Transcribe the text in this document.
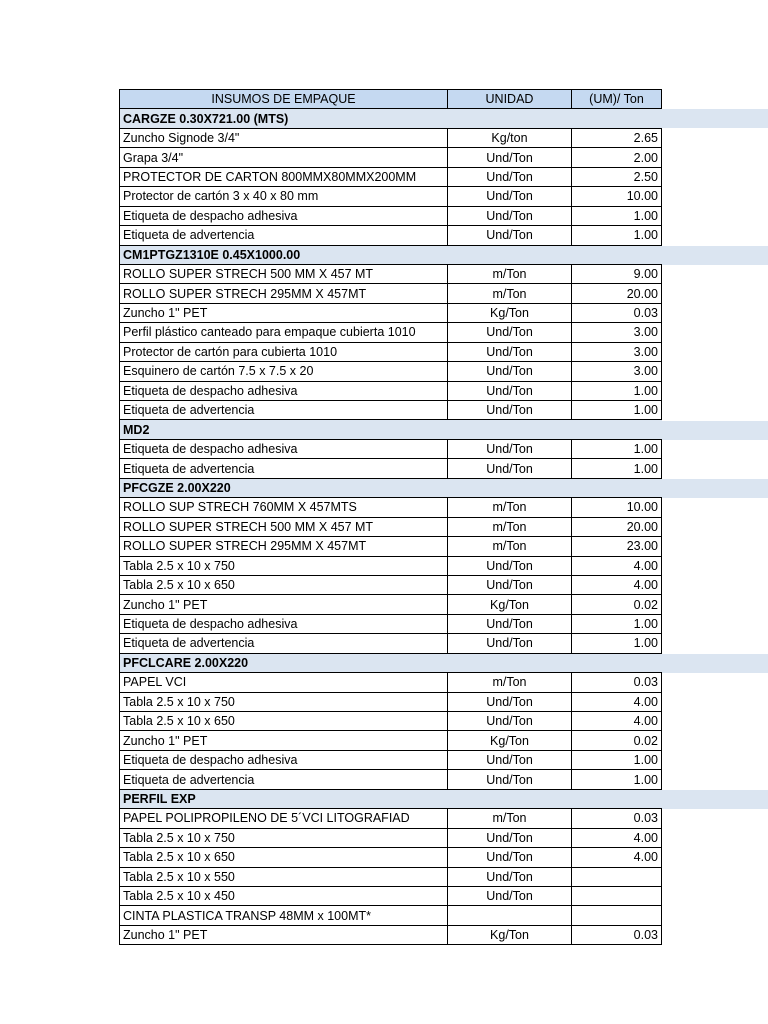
INSUMOS DE EMPAQUE	UNIDAD	(UM)/ Ton
CARGZE 0.30X721.00 (MTS)		
Zuncho Signode 3/4"	Kg/ton	2.65
Grapa 3/4"	Und/Ton	2.00
PROTECTOR DE CARTON 800MMX80MMX200MM	Und/Ton	2.50
Protector de cartón 3 x 40 x 80 mm	Und/Ton	10.00
Etiqueta de despacho adhesiva	Und/Ton	1.00
Etiqueta de advertencia	Und/Ton	1.00
CM1PTGZ1310E 0.45X1000.00		
ROLLO SUPER STRECH 500 MM X 457 MT	m/Ton	9.00
ROLLO SUPER STRECH 295MM X 457MT	m/Ton	20.00
Zuncho 1" PET	Kg/Ton	0.03
Perfil plástico canteado para empaque cubierta 1010	Und/Ton	3.00
Protector de cartón para cubierta 1010	Und/Ton	3.00
Esquinero de cartón 7.5 x 7.5 x 20	Und/Ton	3.00
Etiqueta de despacho adhesiva	Und/Ton	1.00
Etiqueta de advertencia	Und/Ton	1.00
MD2		
Etiqueta de despacho adhesiva	Und/Ton	1.00
Etiqueta de advertencia	Und/Ton	1.00
PFCGZE 2.00X220		
ROLLO SUP STRECH 760MM X 457MTS	m/Ton	10.00
ROLLO SUPER STRECH 500 MM X 457 MT	m/Ton	20.00
ROLLO SUPER STRECH 295MM X 457MT	m/Ton	23.00
Tabla 2.5 x 10 x 750	Und/Ton	4.00
Tabla 2.5 x 10 x 650	Und/Ton	4.00
Zuncho 1" PET	Kg/Ton	0.02
Etiqueta de despacho adhesiva	Und/Ton	1.00
Etiqueta de advertencia	Und/Ton	1.00
PFCLCARE 2.00X220		
PAPEL VCI	m/Ton	0.03
Tabla 2.5 x 10 x 750	Und/Ton	4.00
Tabla 2.5 x 10 x 650	Und/Ton	4.00
Zuncho 1" PET	Kg/Ton	0.02
Etiqueta de despacho adhesiva	Und/Ton	1.00
Etiqueta de advertencia	Und/Ton	1.00
PERFIL EXP		
PAPEL POLIPROPILENO DE 5´VCI LITOGRAFIAD	m/Ton	0.03
Tabla 2.5 x 10 x 750	Und/Ton	4.00
Tabla 2.5 x 10 x 650	Und/Ton	4.00
Tabla 2.5 x 10 x 550	Und/Ton	
Tabla 2.5 x 10 x 450	Und/Ton	
CINTA PLASTICA TRANSP 48MM x 100MT*		
Zuncho 1" PET	Kg/Ton	0.03
